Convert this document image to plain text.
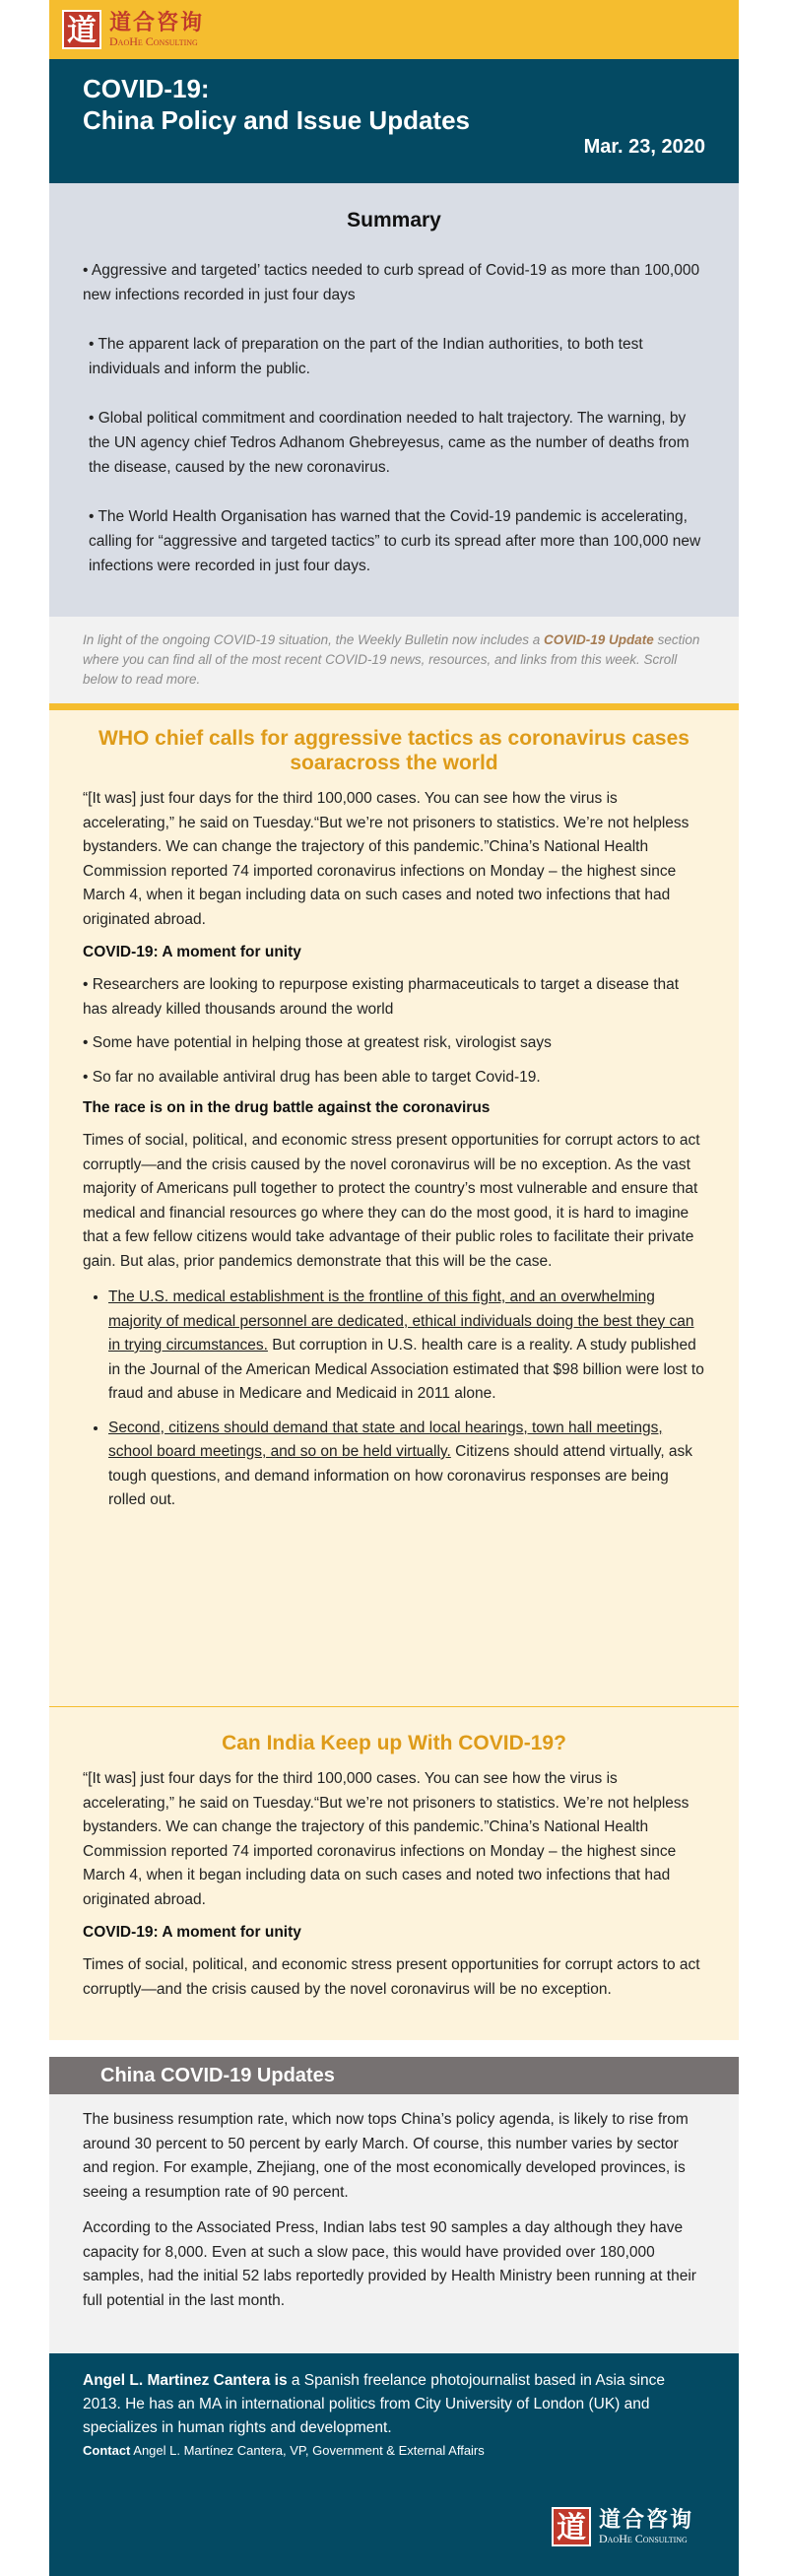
道 道合咨询
DaoHe Consulting
COVID-19:
China Policy and Issue Updates
Mar. 23, 2020
Summary

• Aggressive and targeted’ tactics needed to curb spread of Covid-19 as more than 100,000 new infections recorded in just four days

• The apparent lack of preparation on the part of the Indian authorities, to both test individuals and inform the public.

• Global political commitment and coordination needed to halt trajectory. The warning, by the UN agency chief Tedros Adhanom Ghebreyesus, came as the number of deaths from the disease, caused by the new coronavirus.

• The World Health Organisation has warned that the Covid-19 pandemic is accelerating, calling for “aggressive and targeted tactics” to curb its spread after more than 100,000 new infections were recorded in just four days.

In light of the ongoing COVID-19 situation, the Weekly Bulletin now includes a COVID-19 Update section where you can find all of the most recent COVID-19 news, resources, and links from this week. Scroll below to read more.
WHO chief calls for aggressive tactics as coronavirus cases soaracross the world

“[It was] just four days for the third 100,000 cases. You can see how the virus is accelerating,” he said on Tuesday.“But we’re not prisoners to statistics. We’re not helpless bystanders. We can change the trajectory of this pandemic.”China’s National Health Commission reported 74 imported coronavirus infections on Monday – the highest since March 4, when it began including data on such cases and noted two infections that had originated abroad.

COVID-19: A moment for unity
• Researchers are looking to repurpose existing pharmaceuticals to target a disease that has already killed thousands around the world
• Some have potential in helping those at greatest risk, virologist says
• So far no available antiviral drug has been able to target Covid-19.
The race is on in the drug battle against the coronavirus

Times of social, political, and economic stress present opportunities for corrupt actors to act

corruptly—and the crisis caused by the novel coronavirus will be no exception. As the vast majority of Americans pull together to protect the country’s most vulnerable and ensure that medical and financial resources go where they can do the most good, it is hard to imagine that a few fellow citizens would take advantage of their public roles to facilitate their private gain. But alas, prior pandemics demonstrate that this will be the case.

• The U.S. medical establishment is the frontline of this fight, and an overwhelming majority of medical personnel are dedicated, ethical individuals doing the best they can in trying circumstances. But corruption in U.S. health care is a reality. A study published in the Journal of the American Medical Association estimated that $98 billion were lost to fraud and abuse in Medicare and Medicaid in 2011 alone.
• Second, citizens should demand that state and local hearings, town hall meetings, school board meetings, and so on be held virtually. Citizens should attend virtually, ask tough questions, and demand information on how coronavirus responses are being rolled out.
Can India Keep up With COVID-19?

“[It was] just four days for the third 100,000 cases. You can see how the virus is accelerating,” he said on Tuesday.“But we’re not prisoners to statistics. We’re not helpless bystanders. We can change the trajectory of this pandemic.”China’s National Health Commission reported 74 imported coronavirus infections on Monday – the highest since March 4, when it began including data on such cases and noted two infections that had originated abroad.

COVID-19: A moment for unity

Times of social, political, and economic stress present opportunities for corrupt actors to act corruptly—and the crisis caused by the novel coronavirus will be no exception.

China COVID-19 Updates

The business resumption rate, which now tops China’s policy agenda, is likely to rise from around 30 percent to 50 percent by early March. Of course, this number varies by sector and region. For example, Zhejiang, one of the most economically developed provinces, is seeing a resumption rate of 90 percent.

According to the Associated Press, Indian labs test 90 samples a day although they have capacity for 8,000. Even at such a slow pace, this would have provided over 180,000 samples, had the initial 52 labs reportedly provided by Health Ministry been running at their full potential in the last month.

Angel L. Martinez Cantera is a Spanish freelance photojournalist based in Asia since 2013. He has an MA in international politics from City University of London (UK) and specializes in human rights and development.

Contact Angel L. Martínez Cantera, VP, Government & External Affairs

道 道合咨询
DaoHe Consulting
